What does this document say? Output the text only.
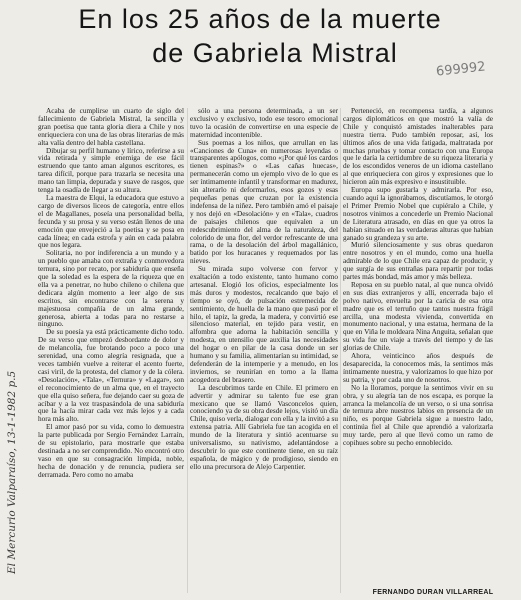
En los 25 años de la muerte
de Gabriela Mistral
699992
El Mercurio Valparaíso, 13-1-1982 p.5

Acaba de cumplirse un cuarto de siglo del fallecimiento de Gabriela Mistral, la sencilla y gran poetisa que tanta gloria diera a Chile y nos enriqueciera con una de las obras literarias de más alta valía dentro del habla castellana.

Dibujar su perfil humano y lírico, referirse a su vida retirada y simple enemiga de ese fácil estruendo que tanto aman algunos escritores, es tarea difícil, porque para trazarla se necesita una mano tan limpia, depurada y suave de rasgos, que tenga la osadía de llegar a su altura.

La maestra de Elqui, la educadora que estuvo a cargo de diversos liceos de categoría, entre ellos el de Magallanes, poseía una personalidad bella, fecunda y su prosa y su verso están llenos de una emoción que envejeció a la poetisa y se posa en cada línea; en cada estrofa y aún en cada palabra que nos legara.

Solitaria, no por indiferencia a un mundo y a un pueblo que amaba con extraña y conmovedora ternura, sino por recato, por sabiduría que enseña que la soledad es la espera de la riqueza que en ella va a penetrar, no hubo chileno o chilena que dedicara algún momento a leer algo de sus escritos, sin encontrarse con la serena y majestuosa compañía de un alma grande, generosa, abierta a todas para no restarse a ninguno.

De su poesía ya está prácticamente dicho todo. De su verso que empezó desbordante de dolor y de melancolía, fue brotando poco a poco una serenidad, una como alegría resignada, que a veces también vuelve a reiterar el acento fuerte, casi viril, de la protesta, del clamor y de la cólera. «Desolación», «Tala», «Ternura» y «Lagar», son el reconocimiento de un alma que, en el trayecto que ella quiso señera, fue dejando caer su goza de acíbar y a la vez traspasándola de una sabiduría que la hacía mirar cada vez más lejos y a cada hora más alto.

El amor pasó por su vida, como lo demuestra la parte publicada por Sergio Fernández Larraín, de su epistolario, para mostrarle que estaba destinada a no ser comprendido. No encontró otro vaso en que su consagración limpida, noble, hecha de donación y de renuncia, pudiera ser derramada. Pero como no amaba

sólo a una persona determinada, a un ser exclusivo y exclusivo, todo ese tesoro emocional tuvo la ocasión de convertirse en una especie de maternidad incontenible.

Sus poemas a los niños, que arrullan en las «Canciones de Cuna» en numerosas leyendas o transparentes apólogos, como «¡Por qué los cardos tienen espinas?» o «Las cañas huecas», permanecerán como un ejemplo vivo de lo que es ser íntimamente infantil y transformar en madurez, sin alterarlo ni deformarlos, esos gozos y esas pequeñas penas que cruzan por la existencia indefensa de la niñez. Pero también amó el paisaje y nos dejó en «Desolación» y en «Tala», cuadros de paisajes chilenos que equivalen a un redescubrimiento del alma de la naturaleza, del colorido de una flor, del verdor refrescante de una rama, o de la desolación del árbol magallánico, batido por los huracanes y requemados por las nieves.

Su mirada supo volverse con fervor y exaltación a todo existente, tanto humano como artesanal. Elogió los oficios, especialmente los más duros y modestos, recalcando que bajo el tiempo se oyó, de pulsación estremecida de sentimiento, de huella de la mano que pasó por el hilo, el tapiz, la greda, la madera, y convirtió ese silencioso material, en tejido para vestir, en alfombra que adorna la habitación sencilla y modesta, en utensilio que auxilia las necesidades del hogar o en pilar de la casa donde un ser humano y su familia, alimentarían su intimidad, se defenderán de la intemperie y a menudo, en los inviernos, se reunirían en torno a la llama acogedora del brasero.

La descubrimos tarde en Chile. El primero en advertir y admirar su talento fue ese gran mexicano que se llamó Vasconcelos quien, conociendo ya de su obra desde lejos, visitó un día Chile, quiso verla, dialogar con ella y la invitó a su extensa patria. Allí Gabriela fue tan acogida en el mundo de la literatura y sintió acentuarse su universalismo, su nativismo, adelantándose a descubrir lo que este continente tiene, en su raíz española, de mágico y de prodigioso, siendo en ello una precursora de Alejo Carpentier.

Perteneció, en recompensa tardía, a algunos cargos diplomáticos en que mostró la valía de Chile y conquistó amistades inalterables para nuestra tierra. Pudo también reposar, así, los últimos años de una vida fatigada, maltratada por muchas pruebas y tomar contacto con una Europa que le daría la certidumbre de su riqueza literaria y de los escondidos veneros de un idioma castellano al que enriqueciera con giros y expresiones que lo hicieron aún más expresivo e insustituible.

Europa supo gustarla y admirarla. Por eso, cuando aquí la ignorábamos, discutíamos, le otorgó el Primer Premio Nobel que cupiéralo a Chile, y nosotros vinimos a concederle un Premio Nacional de Literatura atrasado, en días en que ya otros la habían situado en las verdaderas alturas que habían ganado su grandeza y su arte.

Murió silenciosamente y sus obras quedaron entre nosotros y en el mundo, como una huella admirable de lo que Chile era capaz de producir, y que surgía de sus entrañas para repartir por todas partes más bondad, más amor y más belleza.

Reposa en su pueblo natal, al que nunca olvidó en sus días extranjeros y allí, encerrada bajo el polvo nativo, envuelta por la caricia de esa otra madre que es el terruño que tantos nuestra frágil arcilla, una modesta vivienda, convertida en monumento nacional, y una estatua, hermana de la que en Viña le moldeara Nina Anguita, señalan que su vida fue un viaje a través del tiempo y de las glorias de Chile.

Ahora, veinticinco años después de desaparecida, la conocemos más, la sentimos más íntimamente nuestra, y valorizamos lo que hizo por su patria, y por cada uno de nosotros.

No la lloramos, porque la sentimos vivir en su obra, y su alegría tan de nos escapa, es porque la arranca la melancolía de un verso, o si una sonrisa de ternura abre nuestros labios en presencia de un niño, es porque Gabriela sigue a nuestro lado, continúa fiel al Chile que aprendió a valorizarla muy tarde, pero al que llevó como un ramo de copihues sobre su pecho ennoblecido.

FERNANDO DURAN VILLARREAL
